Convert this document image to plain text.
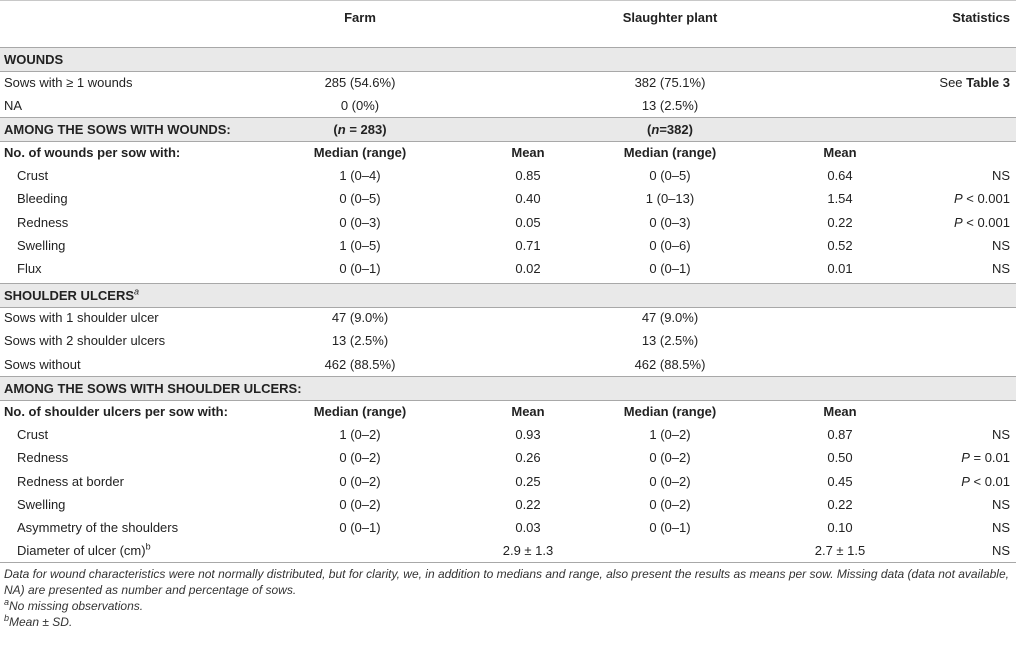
Farm	Slaughter plant	Statistics
WOUNDS
Sows with ≥ 1 wounds	285 (54.6%)	382 (75.1%)	See Table 3
NA	0 (0%)	13 (2.5%)
AMONG THE SOWS WITH WOUNDS:	(n = 283)	(n=382)
No. of wounds per sow with:	Median (range)	Mean	Median (range)	Mean
Crust	1 (0–4)	0.85	0 (0–5)	0.64	NS
Bleeding	0 (0–5)	0.40	1 (0–13)	1.54	P < 0.001
Redness	0 (0–3)	0.05	0 (0–3)	0.22	P < 0.001
Swelling	1 (0–5)	0.71	0 (0–6)	0.52	NS
Flux	0 (0–1)	0.02	0 (0–1)	0.01	NS
SHOULDER ULCERS$^a$
Sows with 1 shoulder ulcer	47 (9.0%)	47 (9.0%)
Sows with 2 shoulder ulcers	13 (2.5%)	13 (2.5%)
Sows without	462 (88.5%)	462 (88.5%)
AMONG THE SOWS WITH SHOULDER ULCERS:
No. of shoulder ulcers per sow with:	Median (range)	Mean	Median (range)	Mean
Crust	1 (0–2)	0.93	1 (0–2)	0.87	NS
Redness	0 (0–2)	0.26	0 (0–2)	0.50	P = 0.01
Redness at border	0 (0–2)	0.25	0 (0–2)	0.45	P < 0.01
Swelling	0 (0–2)	0.22	0 (0–2)	0.22	NS
Asymmetry of the shoulders	0 (0–1)	0.03	0 (0–1)	0.10	NS
Diameter of ulcer (cm)$^b$	2.9 ± 1.3	2.7 ± 1.5	NS
Data for wound characteristics were not normally distributed, but for clarity, we, in addition to medians and range, also present the results as means per sow. Missing data (data not available, NA) are presented as number and percentage of sows.
$^a$No missing observations.
$^b$Mean ± SD.
